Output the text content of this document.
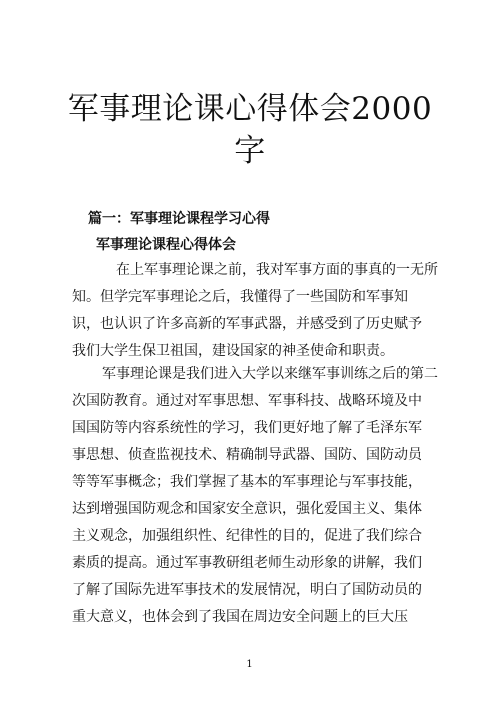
军事理论课心得体会2000
字

篇一：军事理论课程学习心得

军事理论课程心得体会

在上军事理论课之前，我对军事方面的事真的一无所
知。但学完军事理论之后，我懂得了一些国防和军事知
识，也认识了许多高新的军事武器，并感受到了历史赋予
我们大学生保卫祖国，建设国家的神圣使命和职责。
军事理论课是我们进入大学以来继军事训练之后的第二
次国防教育。通过对军事思想、军事科技、战略环境及中
国国防等内容系统性的学习，我们更好地了解了毛泽东军
事思想、侦查监视技术、精确制导武器、国防、国防动员
等等军事概念；我们掌握了基本的军事理论与军事技能，
达到增强国防观念和国家安全意识，强化爱国主义、集体
主义观念，加强组织性、纪律性的目的，促进了我们综合
素质的提高。通过军事教研组老师生动形象的讲解，我们
了解了国际先进军事技术的发展情况，明白了国防动员的
重大意义，也体会到了我国在周边安全问题上的巨大压

1
